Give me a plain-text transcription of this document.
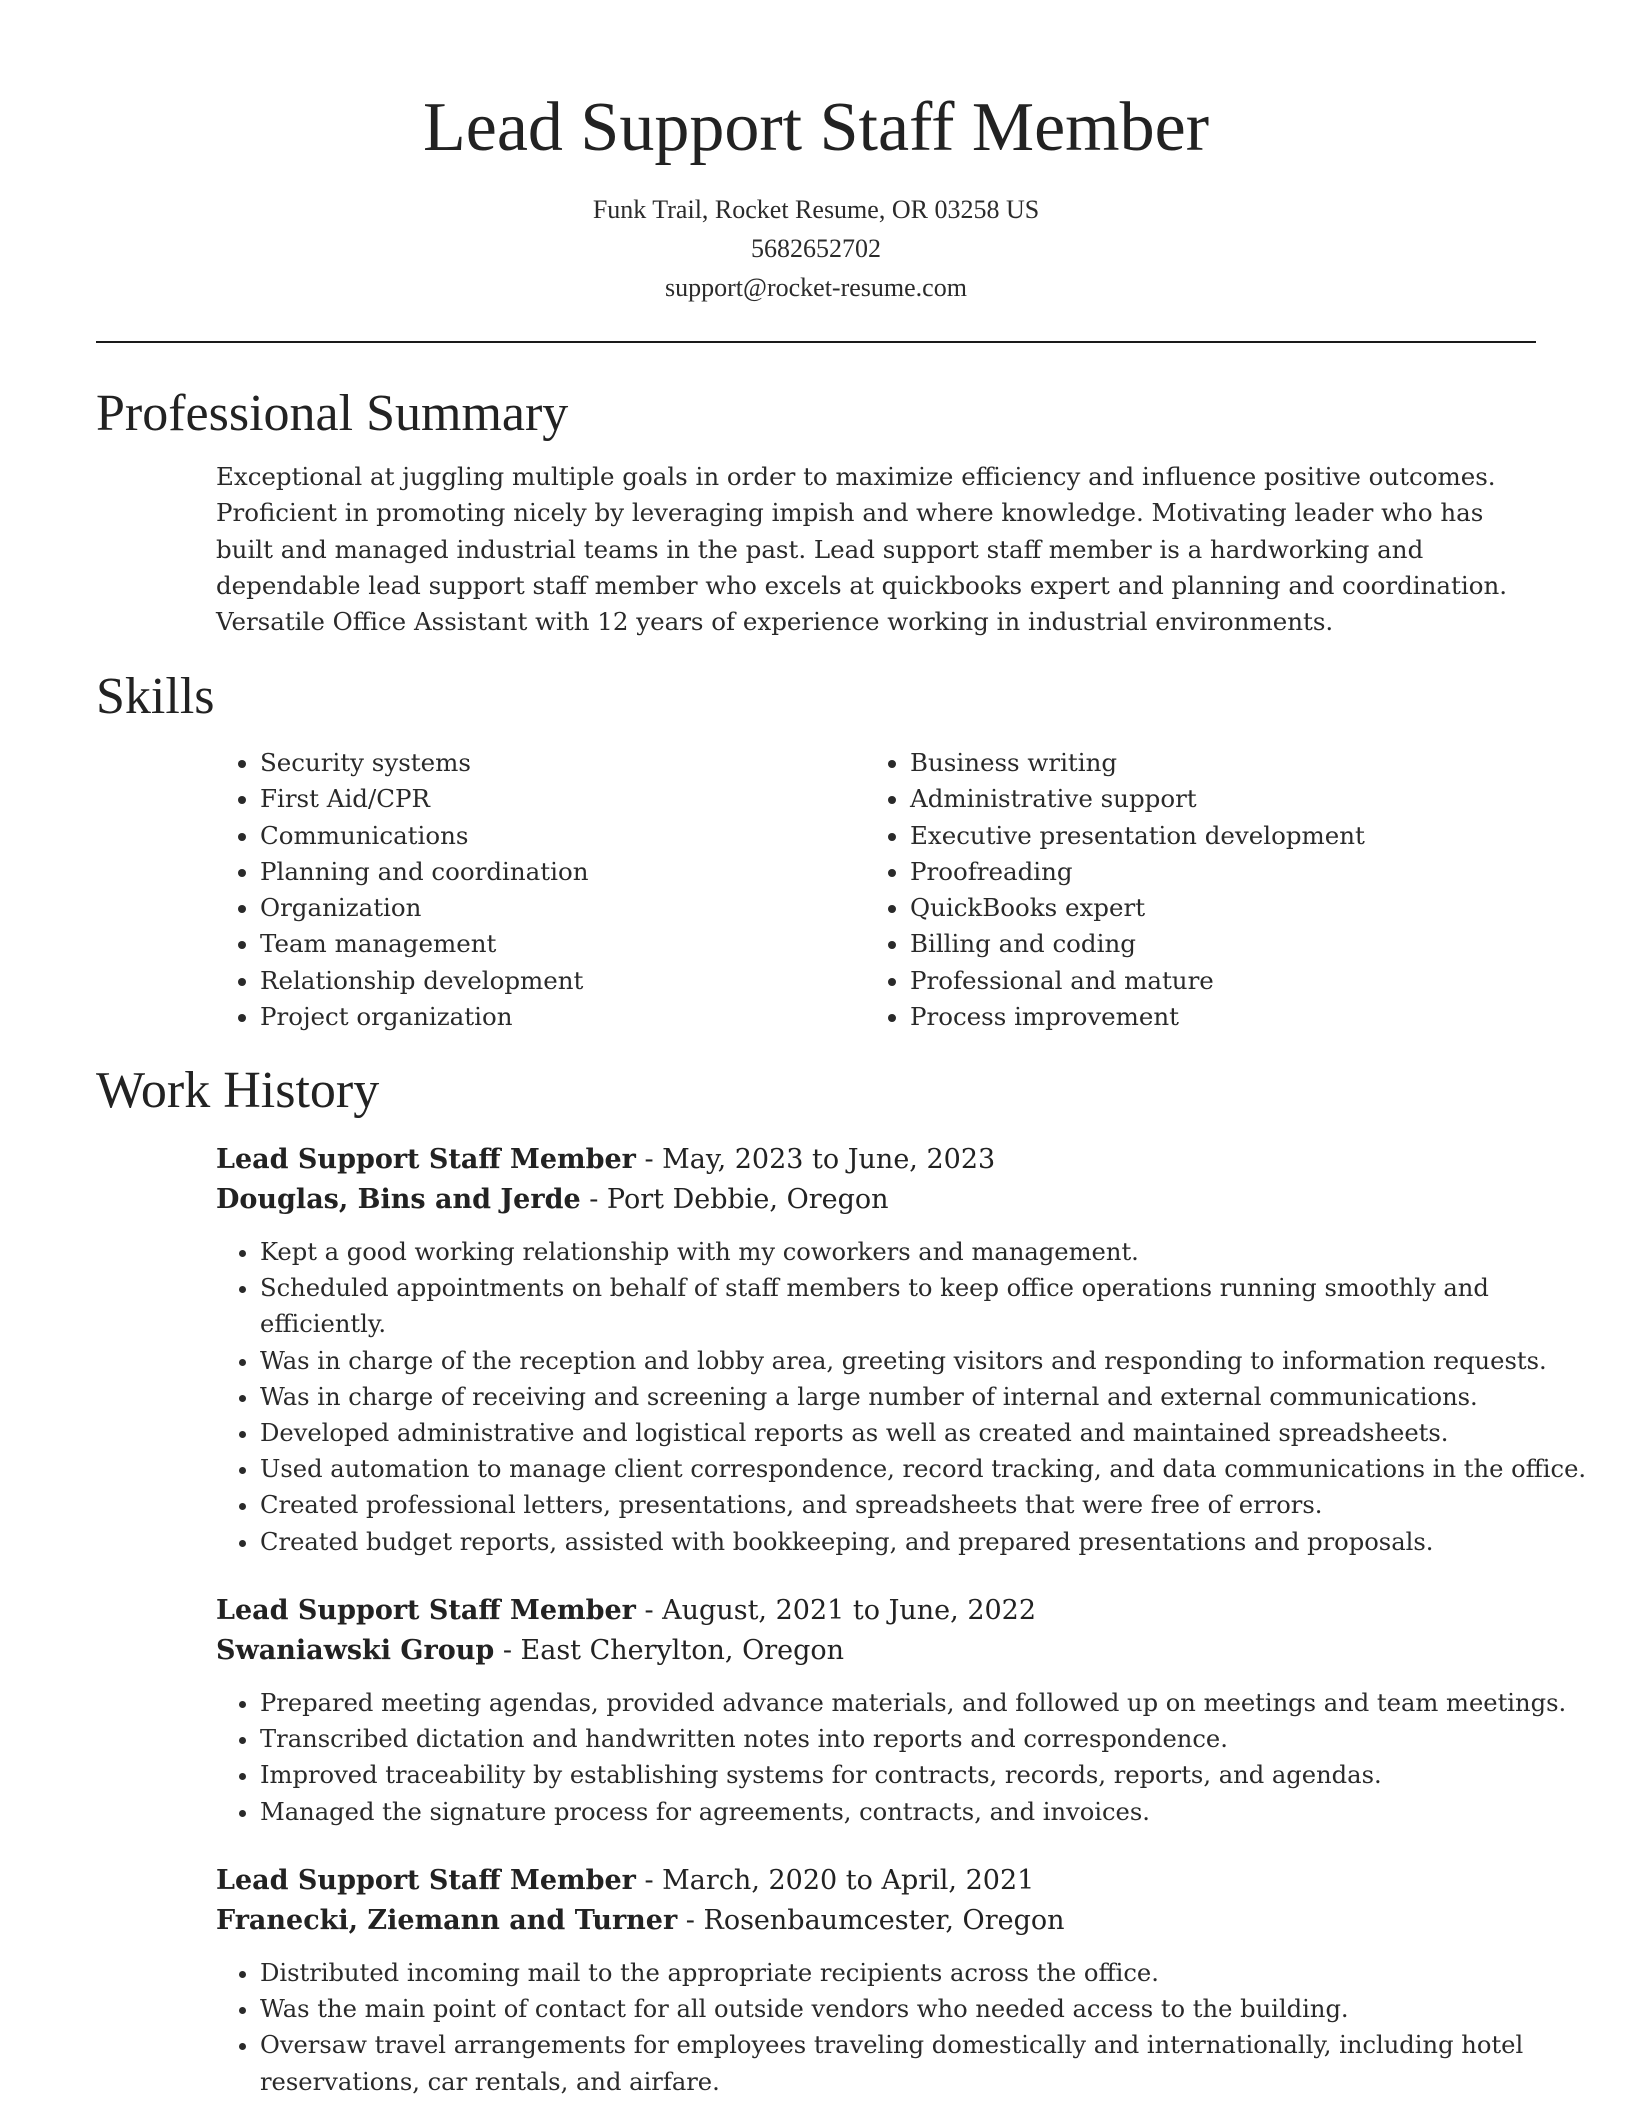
Lead Support Staff Member
Funk Trail, Rocket Resume, OR 03258 US
5682652702
support@rocket-resume.com
Professional Summary
Exceptional at juggling multiple goals in order to maximize efficiency and influence positive outcomes. Proficient in promoting nicely by leveraging impish and where knowledge. Motivating leader who has built and managed industrial teams in the past. Lead support staff member is a hardworking and dependable lead support staff member who excels at quickbooks expert and planning and coordination. Versatile Office Assistant with 12 years of experience working in industrial environments.
Skills
• Security systems
• First Aid/CPR
• Communications
• Planning and coordination
• Organization
• Team management
• Relationship development
• Project organization
• Business writing
• Administrative support
• Executive presentation development
• Proofreading
• QuickBooks expert
• Billing and coding
• Professional and mature
• Process improvement
Work History
Lead Support Staff Member - May, 2023 to June, 2023
Douglas, Bins and Jerde - Port Debbie, Oregon
• Kept a good working relationship with my coworkers and management.
• Scheduled appointments on behalf of staff members to keep office operations running smoothly and efficiently.
• Was in charge of the reception and lobby area, greeting visitors and responding to information requests.
• Was in charge of receiving and screening a large number of internal and external communications.
• Developed administrative and logistical reports as well as created and maintained spreadsheets.
• Used automation to manage client correspondence, record tracking, and data communications in the office.
• Created professional letters, presentations, and spreadsheets that were free of errors.
• Created budget reports, assisted with bookkeeping, and prepared presentations and proposals.
Lead Support Staff Member - August, 2021 to June, 2022
Swaniawski Group - East Cherylton, Oregon
• Prepared meeting agendas, provided advance materials, and followed up on meetings and team meetings.
• Transcribed dictation and handwritten notes into reports and correspondence.
• Improved traceability by establishing systems for contracts, records, reports, and agendas.
• Managed the signature process for agreements, contracts, and invoices.
Lead Support Staff Member - March, 2020 to April, 2021
Franecki, Ziemann and Turner - Rosenbaumcester, Oregon
• Distributed incoming mail to the appropriate recipients across the office.
• Was the main point of contact for all outside vendors who needed access to the building.
• Oversaw travel arrangements for employees traveling domestically and internationally, including hotel reservations, car rentals, and airfare.
